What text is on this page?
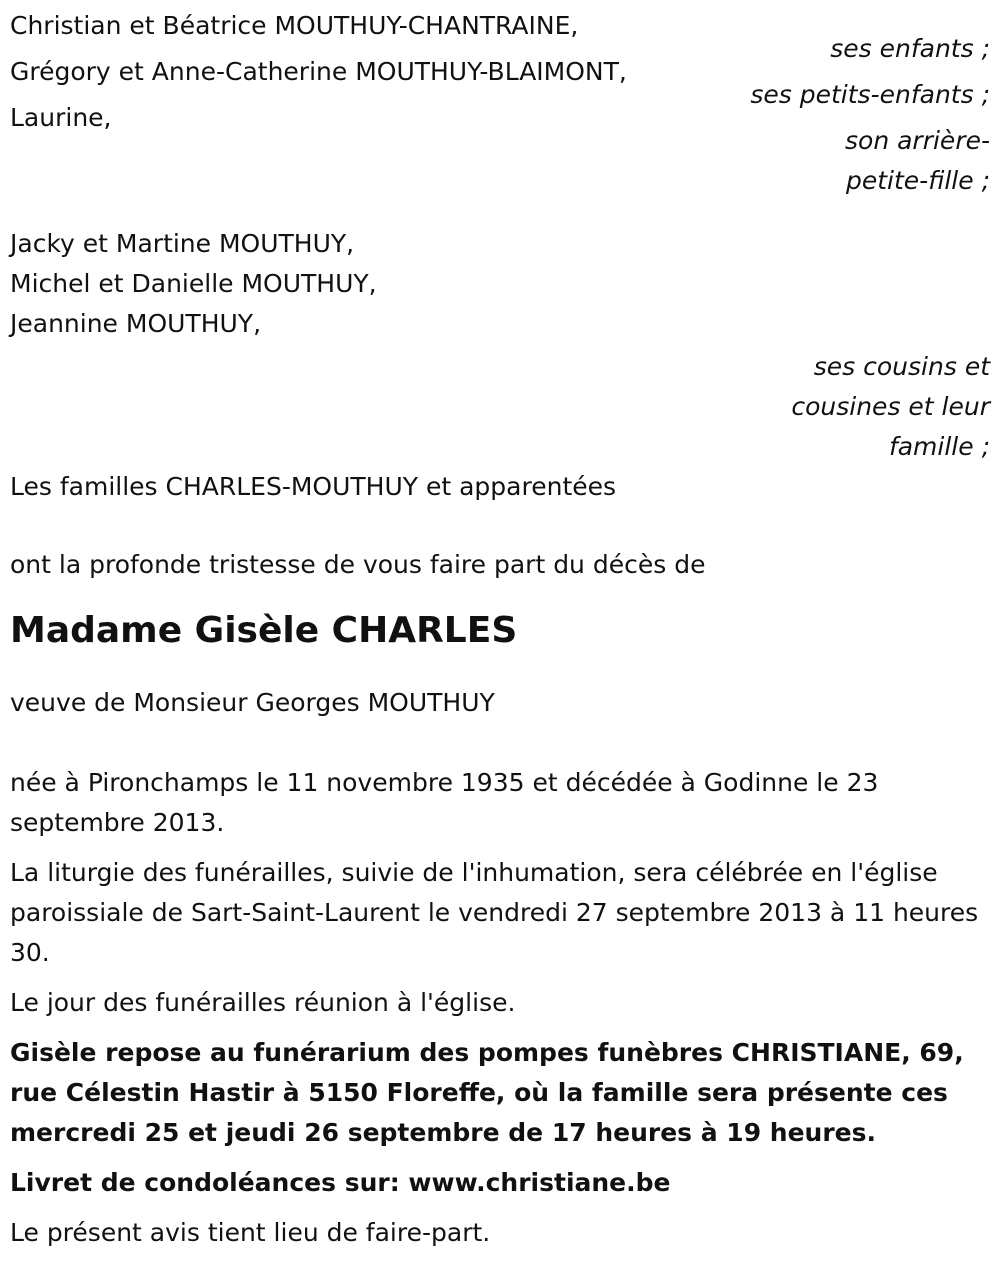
Christian et Béatrice MOUTHUY-CHANTRAINE,

ses enfants ;

Grégory et Anne-Catherine MOUTHUY-BLAIMONT,

ses petits-enfants ;

Laurine,

son arrière-

petite-fille ;

Jacky et Martine MOUTHUY,

Michel et Danielle MOUTHUY,

Jeannine MOUTHUY,

ses cousins et

cousines et leur

famille ;

Les familles CHARLES-MOUTHUY et apparentées

ont la profonde tristesse de vous faire part du décès de

Madame Gisèle CHARLES

veuve de Monsieur Georges MOUTHUY

née à Pironchamps le 11 novembre 1935 et décédée à Godinne le 23 septembre 2013.

La liturgie des funérailles, suivie de l'inhumation, sera célébrée en l'église paroissiale de Sart-Saint-Laurent le vendredi 27 septembre 2013 à 11 heures 30.

Le jour des funérailles réunion à l'église.

Gisèle repose au funérarium des pompes funèbres CHRISTIANE, 69, rue Célestin Hastir à 5150 Floreffe, où la famille sera présente ces mercredi 25 et jeudi 26 septembre de 17 heures à 19 heures.

Livret de condoléances sur: www.christiane.be

Le présent avis tient lieu de faire-part.
